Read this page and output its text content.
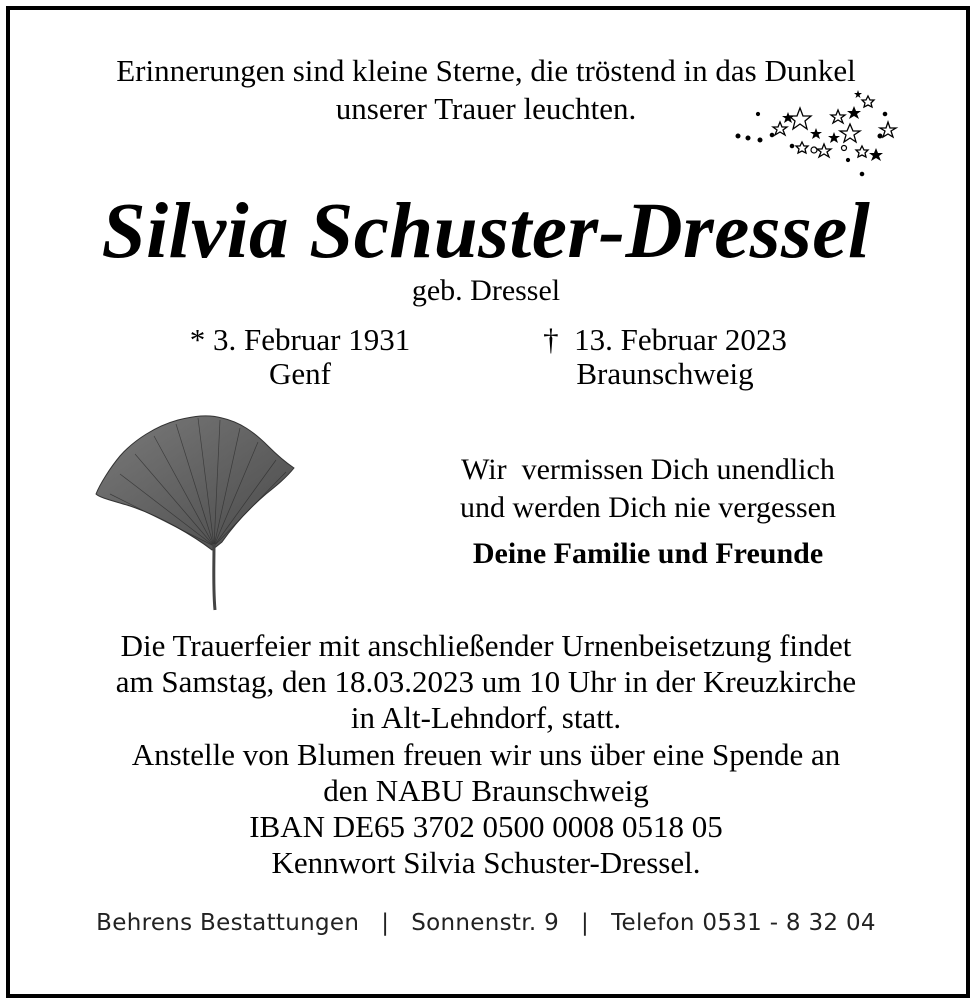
Erinnerungen sind kleine Sterne, die tröstend in das Dunkel
unserer Trauer leuchten.
Silvia Schuster-Dressel
geb. Dressel
* 3. Februar 1931
Genf
† 13. Februar 2023
Braunschweig
Wir  vermissen Dich unendlich
und werden Dich nie vergessen
Deine Familie und Freunde
Die Trauerfeier mit anschließender Urnenbeisetzung findet
am Samstag, den 18.03.2023 um 10 Uhr in der Kreuzkirche
in Alt-Lehndorf, statt.
Anstelle von Blumen freuen wir uns über eine Spende an
den NABU Braunschweig
IBAN DE65 3702 0500 0008 0518 05
Kennwort Silvia Schuster-Dressel.
Behrens Bestattungen | Sonnenstr. 9 | Telefon 0531 - 8 32 04
